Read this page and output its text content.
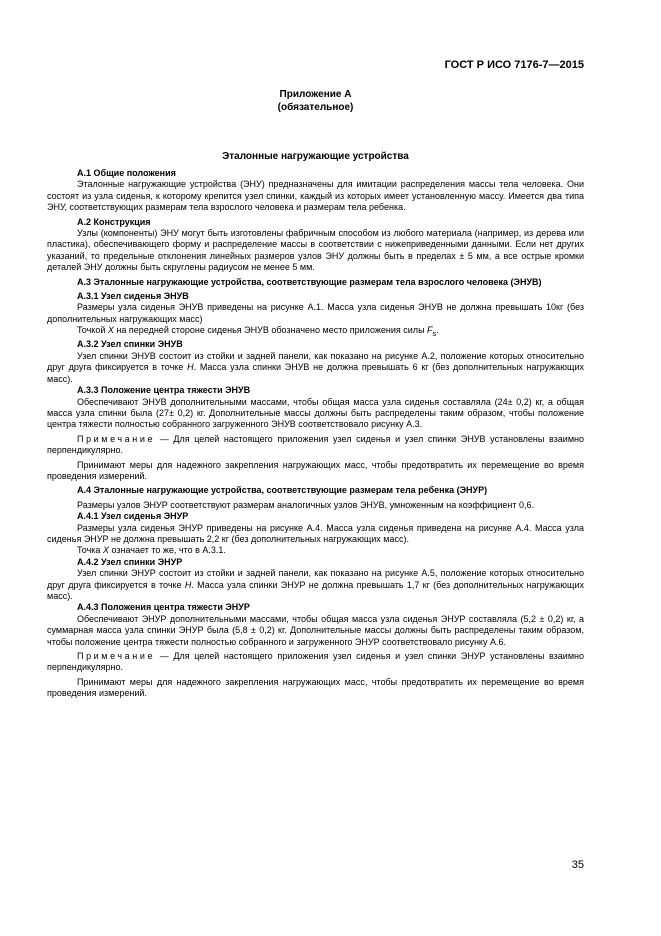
ГОСТ Р ИСО 7176-7—2015
Приложение А
(обязательное)
Эталонные нагружающие устройства

А.1 Общие положения

Эталонные нагружающие устройства (ЭНУ) предназначены для имитации распределения массы тела человека. Они состоят из узла сиденья, к которому крепится узел спинки, каждый из которых имеет установленную массу. Имеется два типа ЭНУ, соответствующих размерам тела взрослого человека и размерам тела ребенка.

А.2 Конструкция

Узлы (компоненты) ЭНУ могут быть изготовлены фабричным способом из любого материала (например, из дерева или пластика), обеспечивающего форму и распределение массы в соответствии с нижеприведенными данными. Если нет других указаний, то предельные отклонения линейных размеров узлов ЭНУ должны быть в пределах ± 5 мм, а все острые кромки деталей ЭНУ должны быть скруглены радиусом не менее 5 мм.

А.3 Эталонные нагружающие устройства, соответствующие размерам тела взрослого человека (ЭНУВ)

А.3.1 Узел сиденья ЭНУВ

Размеры узла сиденья ЭНУВ приведены на рисунке А.1. Масса узла сиденья ЭНУВ не должна превышать 10кг (без дополнительных нагружающих масс)

Точкой X на передней стороне сиденья ЭНУВ обозначено место приложения силы $F_s$.

А.3.2 Узел спинки ЭНУВ

Узел спинки ЭНУВ состоит из стойки и задней панели, как показано на рисунке А.2, положение которых относительно друг друга фиксируется в точке H. Масса узла спинки ЭНУВ не должна превышать 6 кг (без дополнительных нагружающих масс).

А.3.3 Положение центра тяжести ЭНУВ

Обеспечивают ЭНУВ дополнительными массами, чтобы общая масса узла сиденья составляла (24± 0,2) кг, а общая масса узла спинки была (27± 0,2) кг. Дополнительные массы должны быть распределены таким образом, чтобы положение центра тяжести полностью собранного загруженного ЭНУВ соответствовало рисунку А.3.

Примечание — Для целей настоящего приложения узел сиденья и узел спинки ЭНУВ установлены взаимно перпендикулярно.

Принимают меры для надежного закрепления нагружающих масс, чтобы предотвратить их перемещение во время проведения измерений.

А.4 Эталонные нагружающие устройства, соответствующие размерам тела ребенка (ЭНУР)

Размеры узлов ЭНУР соответствуют размерам аналогичных узлов ЭНУВ, умноженным на коэффициент 0,6.

А.4.1 Узел сиденья ЭНУР

Размеры узла сиденья ЭНУР приведены на рисунке А.4. Масса узла сиденья приведена на рисунке А.4. Масса узла сиденья ЭНУР не должна превышать 2,2 кг (без дополнительных нагружающих масс).

Точка X означает то же, что в А.3.1.

А.4.2 Узел спинки ЭНУР

Узел спинки ЭНУР состоит из стойки и задней панели, как показано на рисунке А.5, положение которых относительно друг друга фиксируется в точке H. Масса узла спинки ЭНУР не должна превышать 1,7 кг (без дополнительных нагружающих масс).

А.4.3 Положения центра тяжести ЭНУР

Обеспечивают ЭНУР дополнительными массами, чтобы общая масса узла сиденья ЭНУР составляла (5,2 ± 0,2) кг, а суммарная масса узла спинки ЭНУР была (5,8 ± 0,2) кг. Дополнительные массы должны быть распределены таким образом, чтобы положение центра тяжести полностью собранного и загруженного ЭНУР соответствовало рисунку А.6.

Примечание — Для целей настоящего приложения узел сиденья и узел спинки ЭНУР установлены взаимно перпендикулярно.

Принимают меры для надежного закрепления нагружающих масс, чтобы предотвратить их перемещение во время проведения измерений.

35
